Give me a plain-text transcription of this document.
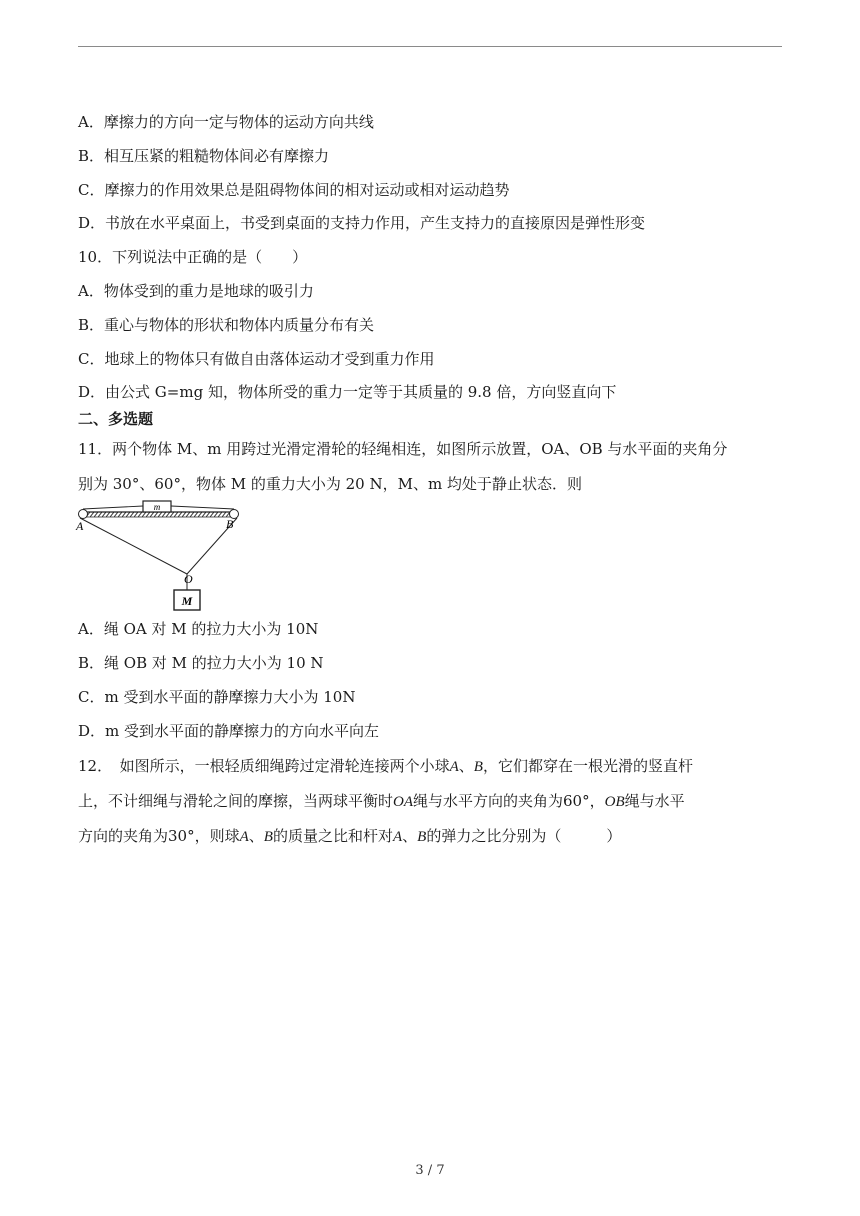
A．摩擦力的方向一定与物体的运动方向共线
B．相互压紧的粗糙物体间必有摩擦力
C．摩擦力的作用效果总是阻碍物体间的相对运动或相对运动趋势
D．书放在水平桌面上，书受到桌面的支持力作用，产生支持力的直接原因是弹性形变
10．下列说法中正确的是（　　）
A．物体受到的重力是地球的吸引力
B．重心与物体的形状和物体内质量分布有关
C．地球上的物体只有做自由落体运动才受到重力作用
D．由公式 G=mg 知，物体所受的重力一定等于其质量的 9.8 倍，方向竖直向下
二、多选题
11．两个物体 M、m 用跨过光滑定滑轮的轻绳相连，如图所示放置，OA、OB 与水平面的夹角分
别为 30°、60°，物体 M 的重力大小为 20 N，M、m 均处于静止状态．则
m
M
A	B
O
A．绳 OA 对 M 的拉力大小为 10N
B．绳 OB 对 M 的拉力大小为 10 N
C．m 受到水平面的静摩擦力大小为 10N
D．m 受到水平面的静摩擦力的方向水平向左
12．　如图所示，一根轻质细绳跨过定滑轮连接两个小球A、B，它们都穿在一根光滑的竖直杆
上，不计细绳与滑轮之间的摩擦，当两球平衡时OA绳与水平方向的夹角为60°，OB绳与水平
方向的夹角为30°，则球A、B的质量之比和杆对A、B的弹力之比分别为（　　　）
3 / 7
